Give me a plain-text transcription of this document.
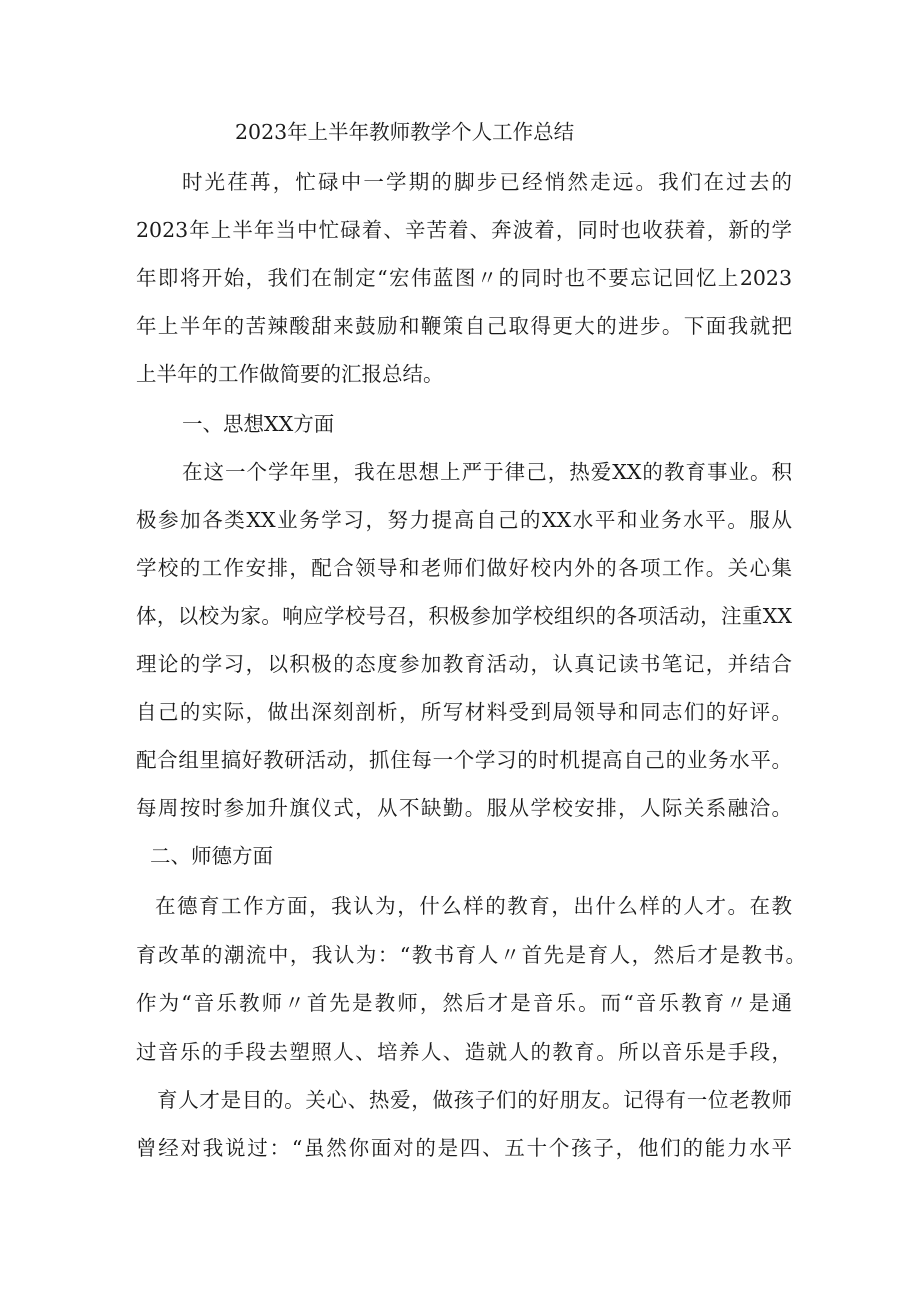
2023年上半年教师教学个人工作总结
时光荏苒，忙碌中一学期的脚步已经悄然走远。我们在过去的
2023年上半年当中忙碌着、辛苦着、奔波着，同时也收获着，新的学
年即将开始，我们在制定“宏伟蓝图〃的同时也不要忘记回忆上2023
年上半年的苦辣酸甜来鼓励和鞭策自己取得更大的进步。下面我就把
上半年的工作做简要的汇报总结。
一、思想XX方面
在这一个学年里，我在思想上严于律己，热爱XX的教育事业。积
极参加各类XX业务学习，努力提高自己的XX水平和业务水平。服从
学校的工作安排，配合领导和老师们做好校内外的各项工作。关心集
体，以校为家。响应学校号召，积极参加学校组织的各项活动，注重XX
理论的学习，以积极的态度参加教育活动，认真记读书笔记，并结合
自己的实际，做出深刻剖析，所写材料受到局领导和同志们的好评。
配合组里搞好教研活动，抓住每一个学习的时机提高自己的业务水平。
每周按时参加升旗仪式，从不缺勤。服从学校安排，人际关系融洽。
二、师德方面
在德育工作方面，我认为，什么样的教育，出什么样的人才。在教
育改革的潮流中，我认为：“教书育人〃首先是育人，然后才是教书。
作为“音乐教师〃首先是教师，然后才是音乐。而“音乐教育〃是通
过音乐的手段去塑照人、培养人、造就人的教育。所以音乐是手段，
育人才是目的。关心、热爱，做孩子们的好朋友。记得有一位老教师
曾经对我说过：“虽然你面对的是四、五十个孩子，他们的能力水平
